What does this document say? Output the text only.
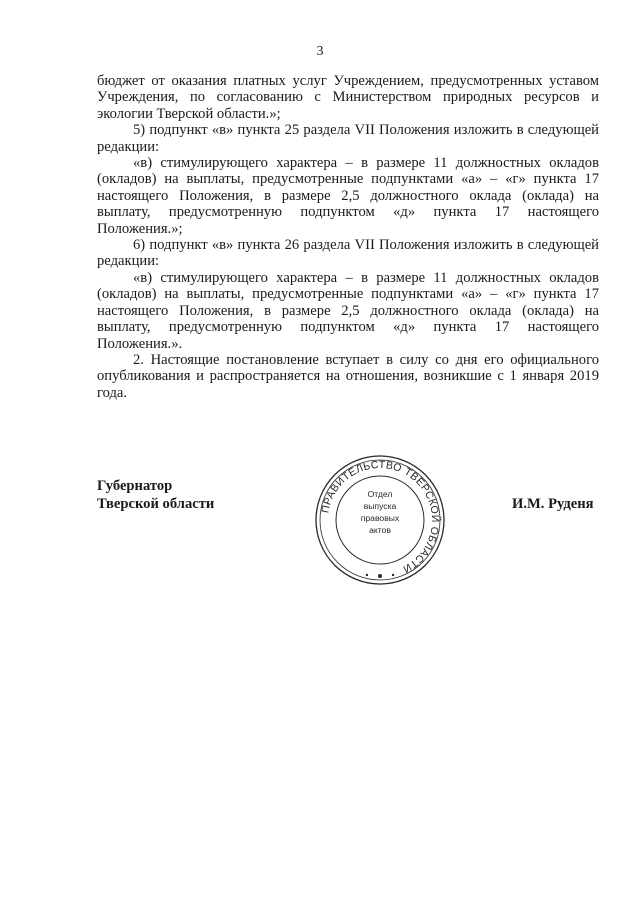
3

бюджет от оказания платных услуг Учреждением, предусмотренных уставом Учреждения, по согласованию с Министерством природных ресурсов и экологии Тверской области.»;

5) подпункт «в» пункта 25 раздела VII Положения изложить в следующей редакции:

«в) стимулирующего характера – в размере 11 должностных окладов (окладов) на выплаты, предусмотренные подпунктами «а» – «г» пункта 17 настоящего Положения, в размере 2,5 должностного оклада (оклада) на выплату, предусмотренную подпунктом «д» пункта 17 настоящего Положения.»;

6) подпункт «в» пункта 26 раздела VII Положения изложить в следующей редакции:

«в) стимулирующего характера – в размере 11 должностных окладов (окладов) на выплаты, предусмотренные подпунктами «а» – «г» пункта 17 настоящего Положения, в размере 2,5 должностного оклада (оклада) на выплату, предусмотренную подпунктом «д» пункта 17 настоящего Положения.».

2. Настоящие постановление вступает в силу со дня его официального опубликования и распространяется на отношения, возникшие с 1 января 2019 года.

Губернатор
Тверской области	ПРАВИТЕЛЬСТВО ТВЕРСКОЙ ОБЛАСТИ
Отдел
выпуска
правовых
актов
И.М. Руденя
